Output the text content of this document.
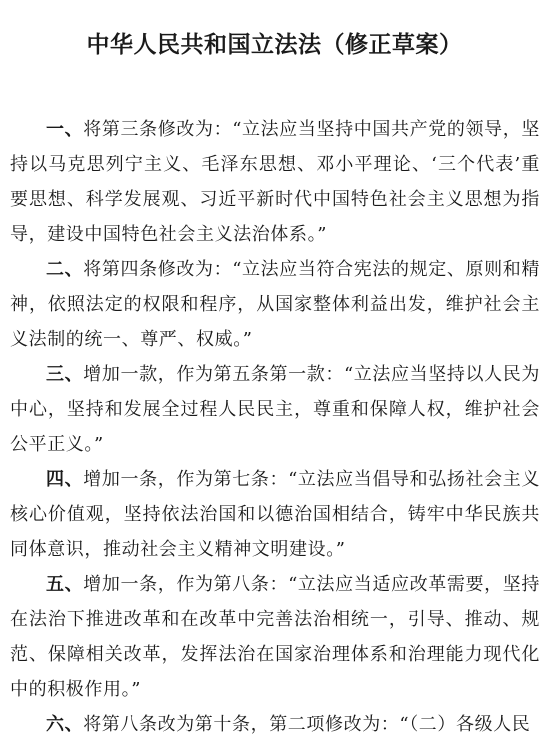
中华人民共和国立法法（修正草案）

一、将第三条修改为：“立法应当坚持中国共产党的领导，坚持以马克思列宁主义、毛泽东思想、邓小平理论、‘三个代表’重要思想、科学发展观、习近平新时代中国特色社会主义思想为指导，建设中国特色社会主义法治体系。”

二、将第四条修改为：“立法应当符合宪法的规定、原则和精神，依照法定的权限和程序，从国家整体利益出发，维护社会主义法制的统一、尊严、权威。”

三、增加一款，作为第五条第一款：“立法应当坚持以人民为中心，坚持和发展全过程人民民主，尊重和保障人权，维护社会公平正义。”

四、增加一条，作为第七条：“立法应当倡导和弘扬社会主义核心价值观，坚持依法治国和以德治国相结合，铸牢中华民族共同体意识，推动社会主义精神文明建设。”

五、增加一条，作为第八条：“立法应当适应改革需要，坚持在法治下推进改革和在改革中完善法治相统一，引导、推动、规范、保障相关改革，发挥法治在国家治理体系和治理能力现代化中的积极作用。”

六、将第八条改为第十条，第二项修改为：“（二）各级人民
